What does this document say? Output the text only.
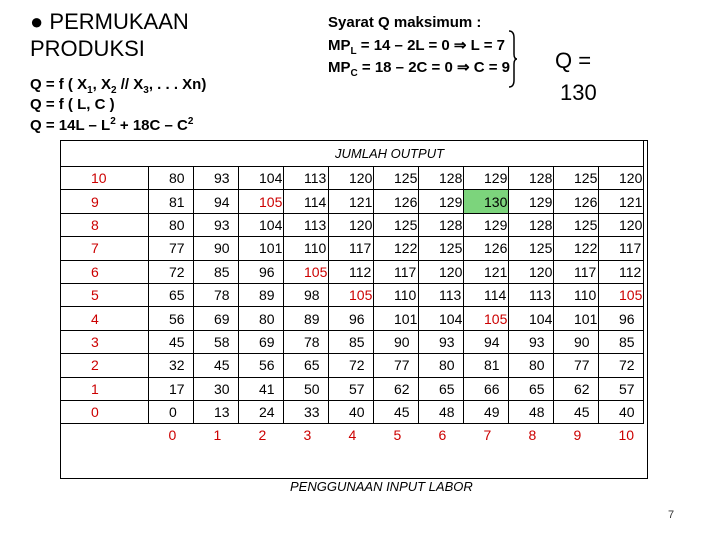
● PERMUKAAN
PRODUKSI
Q = f ( $X_1$, $X_2 // X_3$, . . . Xn)
Q = f ( L, C )
$Q = 14L - L^2 + 18C - C^2$
Syarat Q maksimum :
$MP_L = 14 - 2L = 0$ ⇒ L = 7
$MP_C = 18 - 2C = 0$ ⇒ C = 9 Q =
130

10	80	93	104	113	120	125	128	129	128	125	120
9	81	94	105	114	121	126	129	130	129	126	121
8	80	93	104	113	120	125	128	129	128	125	120
7	77	90	101	110	117	122	125	126	125	122	117
6	72	85	96	105	112	117	120	121	120	117	112
5	65	78	89	98	105	110	113	114	113	110	105
4	56	69	80	89	96	101	104	105	104	101	96
3	45	58	69	78	85	90	93	94	93	90	85
2	32	45	56	65	72	77	80	81	80	77	72
1	17	30	41	50	57	62	65	66	65	62	57
0	0	13	24	33	40	45	48	49	48	45	40
	0	1	2	3	4	5	6	7	8	9	10
JUMLAH OUTPUT
PENGGUNAAN INPUT LABOR
7
